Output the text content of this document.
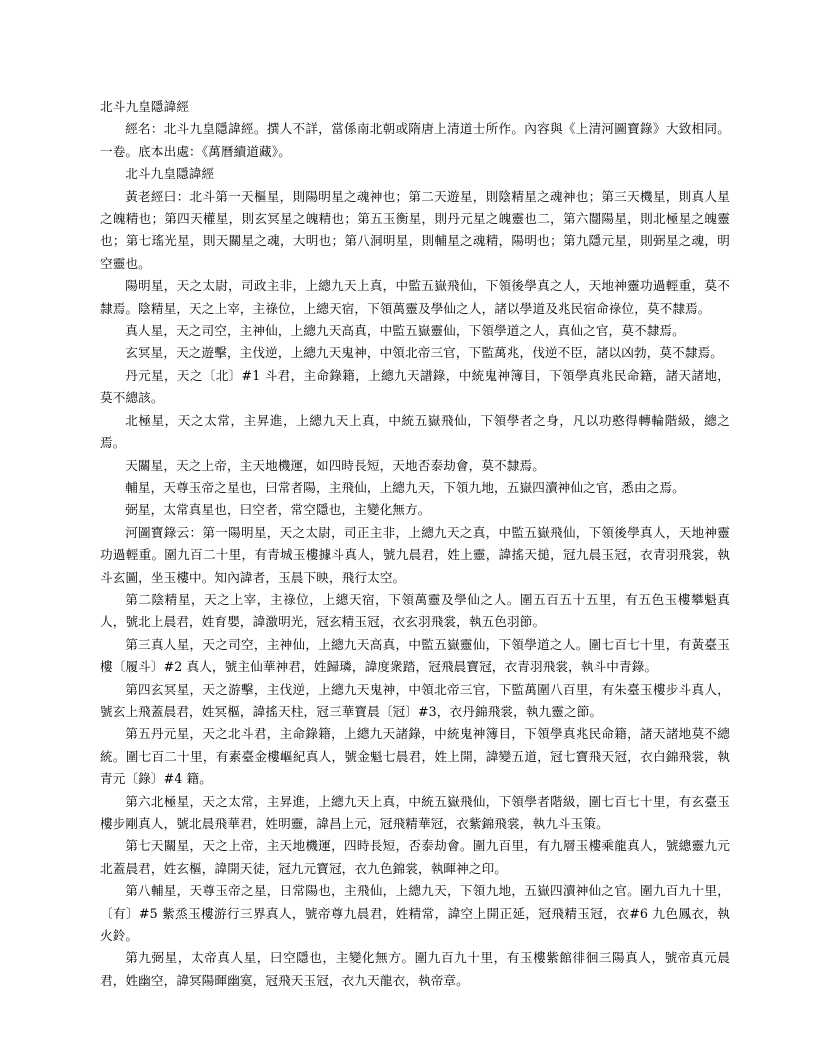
北斗九皇隱諱經

經名：北斗九皇隱諱經。撰人不詳，當係南北朝或隋唐上清道士所作。內容與《上清河圖寶錄》大致相同。一卷。底本出處：《萬曆續道藏》。

北斗九皇隱諱經

黃老經曰：北斗第一天樞星，則陽明星之魂神也；第二天遊星，則陰精星之魂神也；第三天機星，則真人星之魄精也；第四天權星，則玄冥星之魄精也；第五玉衡星，則丹元星之魄靈也二，第六闓陽星，則北極星之魄靈也；第七瑤光星，則天關星之魂，大明也；第八洞明星，則輔星之魂精，陽明也；第九隱元星，則弼星之魂，明空靈也。

陽明星，天之太尉，司政主非，上總九天上真，中監五嶽飛仙，下領後學真之人，天地神靈功過輕重，莫不隸焉。陰精星，天之上宰，主祿位，上總天宿，下領萬靈及學仙之人，諸以學道及兆民宿命祿位，莫不隸焉。

真人星，天之司空，主神仙，上總九天高真，中監五嶽靈仙，下領學道之人，真仙之官，莫不隸焉。

玄冥星，天之遊擊，主伐逆，上總九天鬼神，中領北帝三官，下監萬兆，伐逆不臣，諸以凶勃，莫不隸焉。

丹元星，天之〔北〕#1 斗君，主命錄籍，上總九天譜錄，中統鬼神簿目，下領學真兆民命籍，諸天諸地，莫不總該。

北極星，天之太常，主昇進，上總九天上真，中統五嶽飛仙，下領學者之身，凡以功憨得轉輪階級，總之焉。

天關星，天之上帝，主天地機運，如四時長短，天地否泰劫會，莫不隸焉。

輔星，天尊玉帝之星也，曰常者陽，主飛仙，上總九天，下領九地，五嶽四瀆神仙之官，悉由之焉。

弼星，太常真星也，曰空者，常空隱也，主變化無方。

河圖寶錄云：第一陽明星，天之太尉，司正主非，上總九天之真，中監五嶽飛仙，下領後學真人，天地神靈功過輕重。圍九百二十里，有青城玉樓據斗真人，號九晨君，姓上靈，諱搖天搥，冠九晨玉冠，衣青羽飛裳，執斗玄圖，坐玉樓中。知內諱者，玉晨下映，飛行太空。

第二陰精星，天之上宰，主祿位，上總天宿，下領萬靈及學仙之人。圍五百五十五里，有五色玉樓攀魁真人，號北上晨君，姓育嬰，諱激明光，冠玄精玉冠，衣玄羽飛裳，執五色羽節。

第三真人星，天之司空，主神仙，上總九天高真，中監五嶽靈仙，下領學道之人。圍七百七十里，有黃臺玉樓〔履斗〕#2 真人，號主仙華神君，姓歸璘，諱度衆踏，冠飛晨寶冠，衣青羽飛裳，執斗中青錄。

第四玄冥星，天之游擊，主伐逆，上總九天鬼神，中領北帝三官，下監萬圍八百里，有朱臺玉樓步斗真人，號玄上飛蓋晨君，姓冥樞，諱搖天柱，冠三華寶晨〔冠〕#3，衣丹錦飛裳，執九靈之節。

第五丹元星，天之北斗君，主命錄籍，上總九天諸錄，中統鬼神簿目，下領學真兆民命籍，諸天諸地莫不總統。圍七百二十里，有素臺金樓嶇紀真人，號金魁七晨君，姓上開，諱變五道，冠七寶飛天冠，衣白錦飛裳，執青元〔錄〕#4 籍。

第六北極星，天之太常，主昇進，上總九天上真，中統五嶽飛仙，下領學者階級，圍七百七十里，有玄臺玉樓步剛真人，號北晨飛華君，姓明靈，諱昌上元，冠飛精華冠，衣紫錦飛裳，執九斗玉策。

第七天關星，天之上帝，主天地機運，四時長短，否泰劫會。圍九百里，有九層玉樓乘龍真人，號總靈九元北蓋晨君，姓玄樞，諱開天徒，冠九元寶冠，衣九色錦裳，執暉神之印。

第八輔星，天尊玉帝之星，日常陽也，主飛仙，上總九天，下領九地，五嶽四瀆神仙之官。圍九百九十里，〔有〕#5 紫烝玉樓游行三界真人，號帝尊九晨君，姓精常，諱空上開正延，冠飛精玉冠，衣#6 九色鳳衣，執火鈴。

第九弼星，太帝真人星，曰空隱也，主變化無方。圍九百九十里，有玉樓紫館徘徊三陽真人，號帝真元晨君，姓幽空，諱冥陽暉幽寞，冠飛天玉冠，衣九天龍衣，執帝章。
